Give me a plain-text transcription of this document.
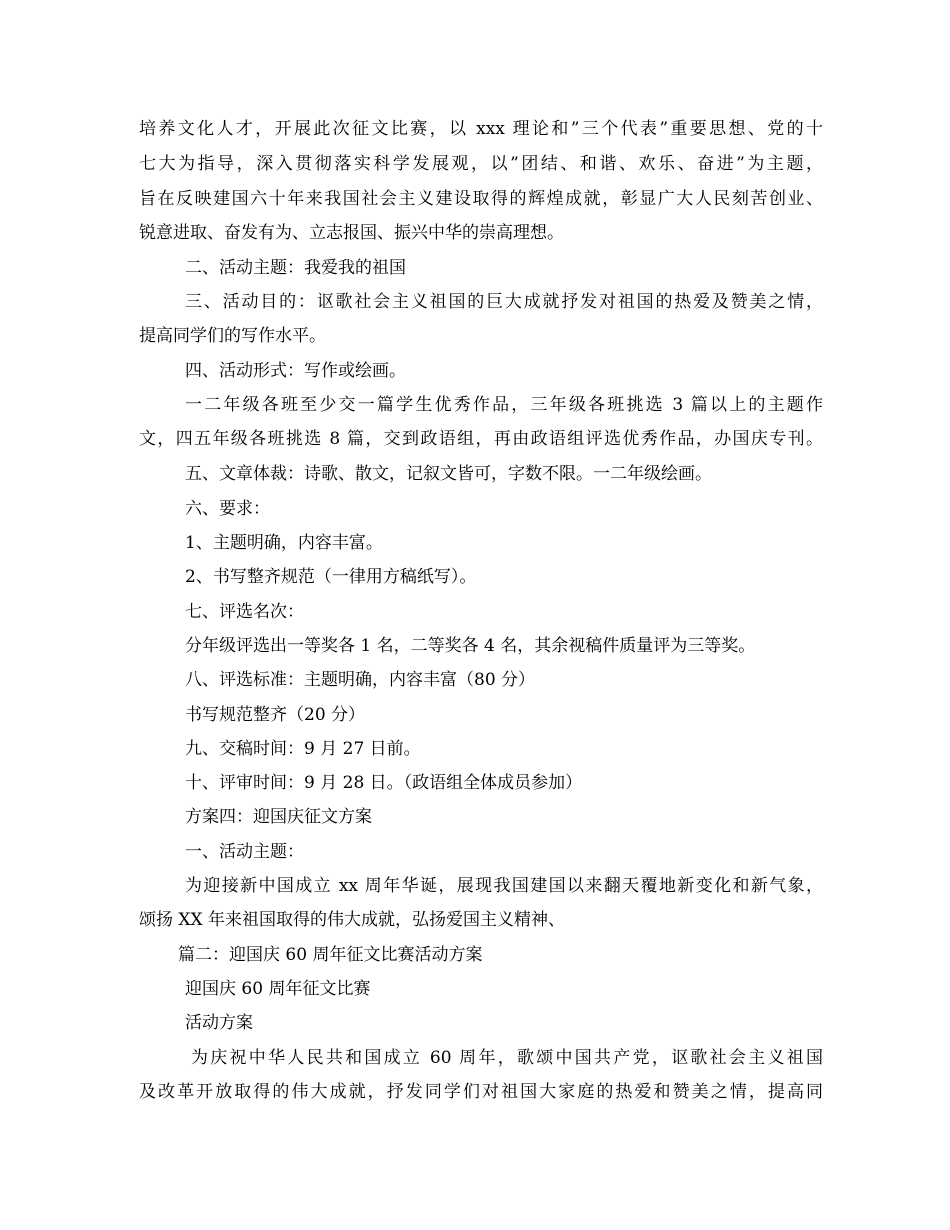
培养文化人才，开展此次征文比赛，以 xxx 理论和”三个代表”重要思想、党的十
七大为指导，深入贯彻落实科学发展观，以”团结、和谐、欢乐、奋进”为主题，
旨在反映建国六十年来我国社会主义建设取得的辉煌成就，彰显广大人民刻苦创业、
锐意进取、奋发有为、立志报国、振兴中华的崇高理想。
二、活动主题：我爱我的祖国
三、活动目的：讴歌社会主义祖国的巨大成就抒发对祖国的热爱及赞美之情，
提高同学们的写作水平。
四、活动形式：写作或绘画。
一二年级各班至少交一篇学生优秀作品，三年级各班挑选 3 篇以上的主题作
文，四五年级各班挑选 8 篇，交到政语组，再由政语组评选优秀作品，办国庆专刊。
五、文章体裁：诗歌、散文，记叙文皆可，字数不限。一二年级绘画。
六、要求：
1、主题明确，内容丰富。
2、书写整齐规范（一律用方稿纸写）。
七、评选名次：
分年级评选出一等奖各 1 名，二等奖各 4 名，其余视稿件质量评为三等奖。
八、评选标准：主题明确，内容丰富（80 分）
书写规范整齐（20 分）
九、交稿时间：9 月 27 日前。
十、评审时间：9 月 28 日。（政语组全体成员参加）
方案四：迎国庆征文方案
一、活动主题：
为迎接新中国成立 xx 周年华诞，展现我国建国以来翻天覆地新变化和新气象，
颂扬 XX 年来祖国取得的伟大成就，弘扬爱国主义精神、
篇二：迎国庆 60 周年征文比赛活动方案
迎国庆 60 周年征文比赛
活动方案
为庆祝中华人民共和国成立 60 周年，歌颂中国共产党，讴歌社会主义祖国
及改革开放取得的伟大成就，抒发同学们对祖国大家庭的热爱和赞美之情，提高同
